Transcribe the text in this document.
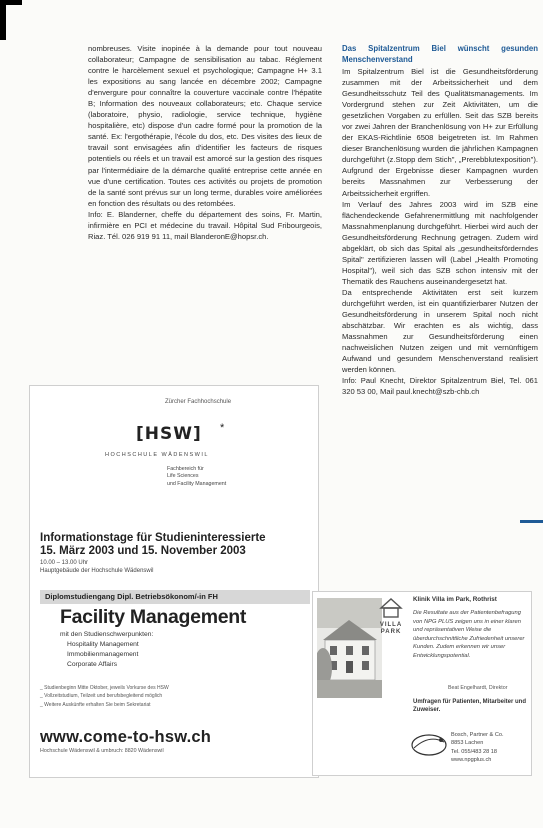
nombreuses. Visite inopinée à la demande pour tout nouveau collaborateur; Campagne de sensibilisation au tabac. Réglement contre le harcèlement sexuel et psychologique; Campagne H+ 3.1 les expositions au sang lancée en décembre 2002; Campagne d'envergure pour connaître la couverture vaccinale contre l'hépatite B; Information des nouveaux collaborateurs; etc. Chaque service (laboratoire, physio, radiologie, service technique, hygiène hospitalière, etc) dispose d'un cadre formé pour la promotion de la santé. Ex: l'ergothérapie, l'école du dos, etc. Des visites des lieux de travail sont envisagées afin d'identifier les facteurs de risques potentiels ou réels et un travail est amorcé sur la gestion des risques par l'intermédiaire de la démarche qualité entreprise cette année en vue d'une certification. Toutes ces activités ou projets de promotion de la santé sont prévus sur un long terme, durables voire améliorées en fonction des résultats ou des retombées.

Info: E. Blanderner, cheffe du département des soins, Fr. Martin, infirmière en PCI et médecine du travail. Hôpital Sud Fribourgeois, Riaz. Tél. 026 919 91 11, mail BlanderonE@hopsr.ch.

Das Spitalzentrum Biel wünscht gesunden Menschenverstand

Im Spitalzentrum Biel ist die Gesundheitsförderung zusammen mit der Arbeitssicherheit und dem Gesundheitsschutz Teil des Qualitätsmanagements. Im Vordergrund stehen zur Zeit Aktivitäten, um die gesetzlichen Vorgaben zu erfüllen. Seit das SZB bereits vor zwei Jahren der Branchenlösung von H+ zur Erfüllung der EKAS-Richtlinie 6508 beigetreten ist. Im Rahmen dieser Branchenlösung wurden die jährlichen Kampagnen durchgeführt (z.Stopp dem Stich", „Prerebblutexposition"). Aufgrund der Ergebnisse dieser Kampagnen wurden bereits Massnahmen zur Verbesserung der Arbeitssicherheit ergriffen.

Im Verlauf des Jahres 2003 wird im SZB eine flächendeckende Gefahrenermittlung mit nachfolgender Massnahmenplanung durchgeführt. Hierbei wird auch der Gesundheitsförderung Rechnung getragen. Zudem wird abgeklärt, ob sich das Spital als „gesundheitsförderndes Spital" zertifizieren lassen will (Label „Health Promoting Hospital"), weil sich das SZB schon intensiv mit der Thematik des Rauchens auseinandergesetzt hat.

Da entsprechende Aktivitäten erst seit kurzem durchgeführt werden, ist ein quantifizierbarer Nutzen der Gesundheitsförderung in unserem Spital noch nicht abschätzbar. Wir erachten es als wichtig, dass Massnahmen zur Gesundheitsförderung einen nachweislichen Nutzen zeigen und mit vernünftigem Aufwand und gesundem Menschenverstand realisiert werden können.

Info: Paul Knecht, Direktor Spitalzentrum Biel, Tel. 061 320 53 00, Mail paul.knecht@szb-chb.ch

Zürcher Fachhochschule
[HSW] *
HOCHSCHULE WÄDENSWIL
Fachbereich für
Life Sciences
und Facility Management
Informationstage für Studieninteressierte
15. März 2003 und 15. November 2003
10.00 – 13.00 Uhr
Hauptgebäude der Hochschule Wädenswil
Diplomstudiengang Dipl. Betriebsökonom/-in FH
Facility Management
mit den Studienschwerpunkten:
Hospitality Management
Immobilienmanagement
Corporate Affairs
_ Studienbeginn Mitte Oktober, jeweils Vorkurse des HSW
_ Vollzeitstudium, Teilzeit und berufsbegleitend möglich
_ Weitere Auskünfte erhalten Sie beim Sekretariat
www.come-to-hsw.ch
Hochschule Wädenswil & umbruch: 8820 Wädenswil
VILLA
PARK
Klinik Villa im Park, Rothrist
Die Resultate aus der Patientenbefragung von NPG PLUS zeigen uns in einer klaren und repräsentativen Weise die überdurchschnittliche Zufriedenheit unserer Kunden. Zudem erkennen wir unser Entwicklungspotential.
Beat Engelhardt, Direktor
Umfragen für Patienten, Mitarbeiter und Zuweiser.
Bosch, Partner & Co.
8853 Lachen
Tel. 055/483 28 18
www.npgplus.ch
